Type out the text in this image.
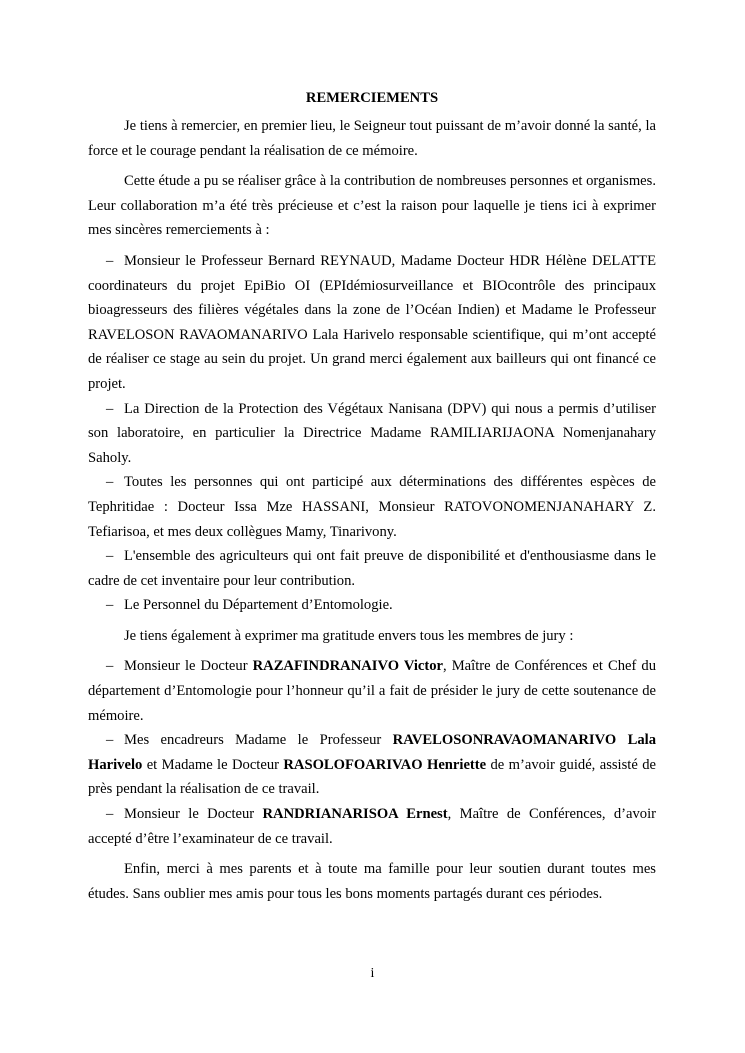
REMERCIEMENTS

Je tiens à remercier, en premier lieu, le Seigneur tout puissant de m’avoir donné la santé, la force et le courage pendant la réalisation de ce mémoire.

Cette étude a pu se réaliser grâce à la contribution de nombreuses personnes et organismes. Leur collaboration m’a été très précieuse et c’est la raison pour laquelle je tiens ici à exprimer mes sincères remerciements à :

– Monsieur le Professeur Bernard REYNAUD, Madame Docteur HDR Hélène DELATTE coordinateurs du projet EpiBio OI (EPIdémiosurveillance et BIOcontrôle des principaux bioagresseurs des filières végétales dans la zone de l’Océan Indien) et Madame le Professeur RAVELOSON RAVAOMANARIVO Lala Harivelo responsable scientifique, qui m’ont accepté de réaliser ce stage au sein du projet. Un grand merci également aux bailleurs qui ont financé ce projet.
– La Direction de la Protection des Végétaux Nanisana (DPV) qui nous a permis d’utiliser son laboratoire, en particulier la Directrice Madame RAMILIARIJAONA Nomenjanahary Saholy.
– Toutes les personnes qui ont participé aux déterminations des différentes espèces de Tephritidae : Docteur Issa Mze HASSANI, Monsieur RATOVONOMENJANAHARY Z. Tefiarisoa, et mes deux collègues Mamy, Tinarivony.
– L'ensemble des agriculteurs qui ont fait preuve de disponibilité et d'enthousiasme dans le cadre de cet inventaire pour leur contribution.
– Le Personnel du Département d’Entomologie.

Je tiens également à exprimer ma gratitude envers tous les membres de jury :

– Monsieur le Docteur RAZAFINDRANAIVO Victor, Maître de Conférences et Chef du département d’Entomologie pour l’honneur qu’il a fait de présider le jury de cette soutenance de mémoire.
– Mes encadreurs Madame le Professeur RAVELOSONRAVAOMANARIVO Lala Harivelo et Madame le Docteur RASOLOFOARIVAO Henriette de m’avoir guidé, assisté de près pendant la réalisation de ce travail.
– Monsieur le Docteur RANDRIANARISOA Ernest, Maître de Conférences, d’avoir accepté d’être l’examinateur de ce travail.

Enfin, merci à mes parents et à toute ma famille pour leur soutien durant toutes mes études. Sans oublier mes amis pour tous les bons moments partagés durant ces périodes.

i
